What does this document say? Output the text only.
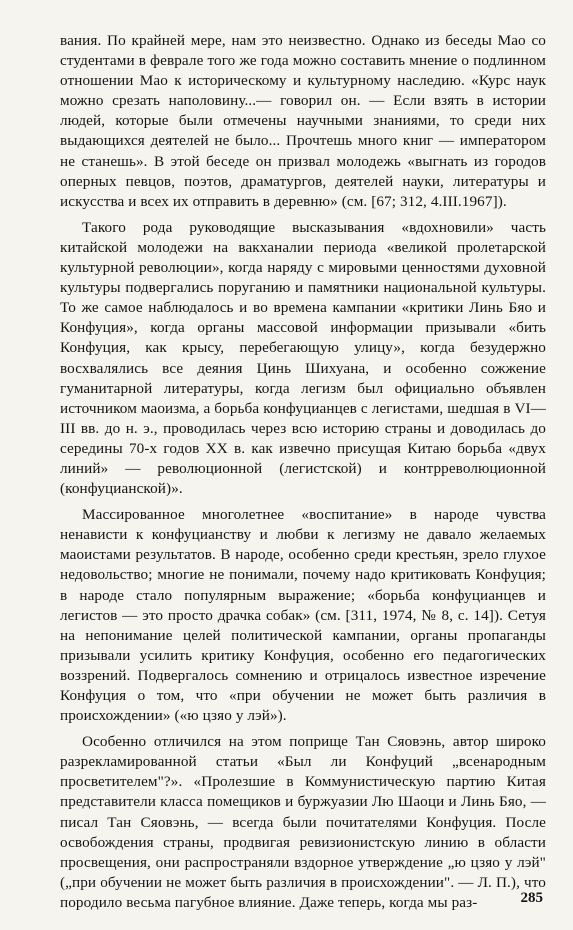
вания. По крайней мере, нам это неизвестно. Однако из беседы Мао со студентами в феврале того же года можно составить мнение о подлинном отношении Мао к историческому и культурному наследию. «Курс наук можно срезать наполовину...— говорил он. — Если взять в истории людей, которые были отмечены научными знаниями, то среди них выдающихся деятелей не было... Прочтешь много книг — императором не станешь». В этой беседе он призвал молодежь «выгнать из городов оперных певцов, поэтов, драматургов, деятелей науки, литературы и искусства и всех их отправить в деревню» (см. [67; 312, 4.III.1967]).

Такого рода руководящие высказывания «вдохновили» часть китайской молодежи на вакханалии периода «великой пролетарской культурной революции», когда наряду с мировыми ценностями духовной культуры подвергались поруганию и памятники национальной культуры. То же самое наблюдалось и во времена кампании «критики Линь Бяо и Конфуция», когда органы массовой информации призывали «бить Конфуция, как крысу, перебегающую улицу», когда безудержно восхвалялись все деяния Цинь Шихуана, и особенно сожжение гуманитарной литературы, когда легизм был официально объявлен источником маоизма, а борьба конфуцианцев с легистами, шедшая в VI—III вв. до н. э., проводилась через всю историю страны и доводилась до середины 70-х годов XX в. как извечно присущая Китаю борьба «двух линий» — революционной (легистской) и контрреволюционной (конфуцианской)».

Массированное многолетнее «воспитание» в народе чувства ненависти к конфуцианству и любви к легизму не давало желаемых маоистами результатов. В народе, особенно среди крестьян, зрело глухое недовольство; многие не понимали, почему надо критиковать Конфуция; в народе стало популярным выражение; «борьба конфуцианцев и легистов — это просто драчка собак» (см. [311, 1974, № 8, с. 14]). Сетуя на непонимание целей политической кампании, органы пропаганды призывали усилить критику Конфуция, особенно его педагогических воззрений. Подвергалось сомнению и отрицалось известное изречение Конфуция о том, что «при обучении не может быть различия в происхождении» («ю цзяо у лэй»).

Особенно отличился на этом поприще Тан Сяовэнь, автор широко разрекламированной статьи «Был ли Конфуций „всенародным просветителем"?». «Пролезшие в Коммунистическую партию Китая представители класса помещиков и буржуазии Лю Шаоци и Линь Бяо, — писал Тан Сяовэнь, — всегда были почитателями Конфуция. После освобождения страны, продвигая ревизионистскую линию в области просвещения, они распространяли вздорное утверждение „ю цзяо у лэй" („при обучении не может быть различия в происхождении". — Л. П.), что породило весьма пагубное влияние. Даже теперь, когда мы раз-	285
